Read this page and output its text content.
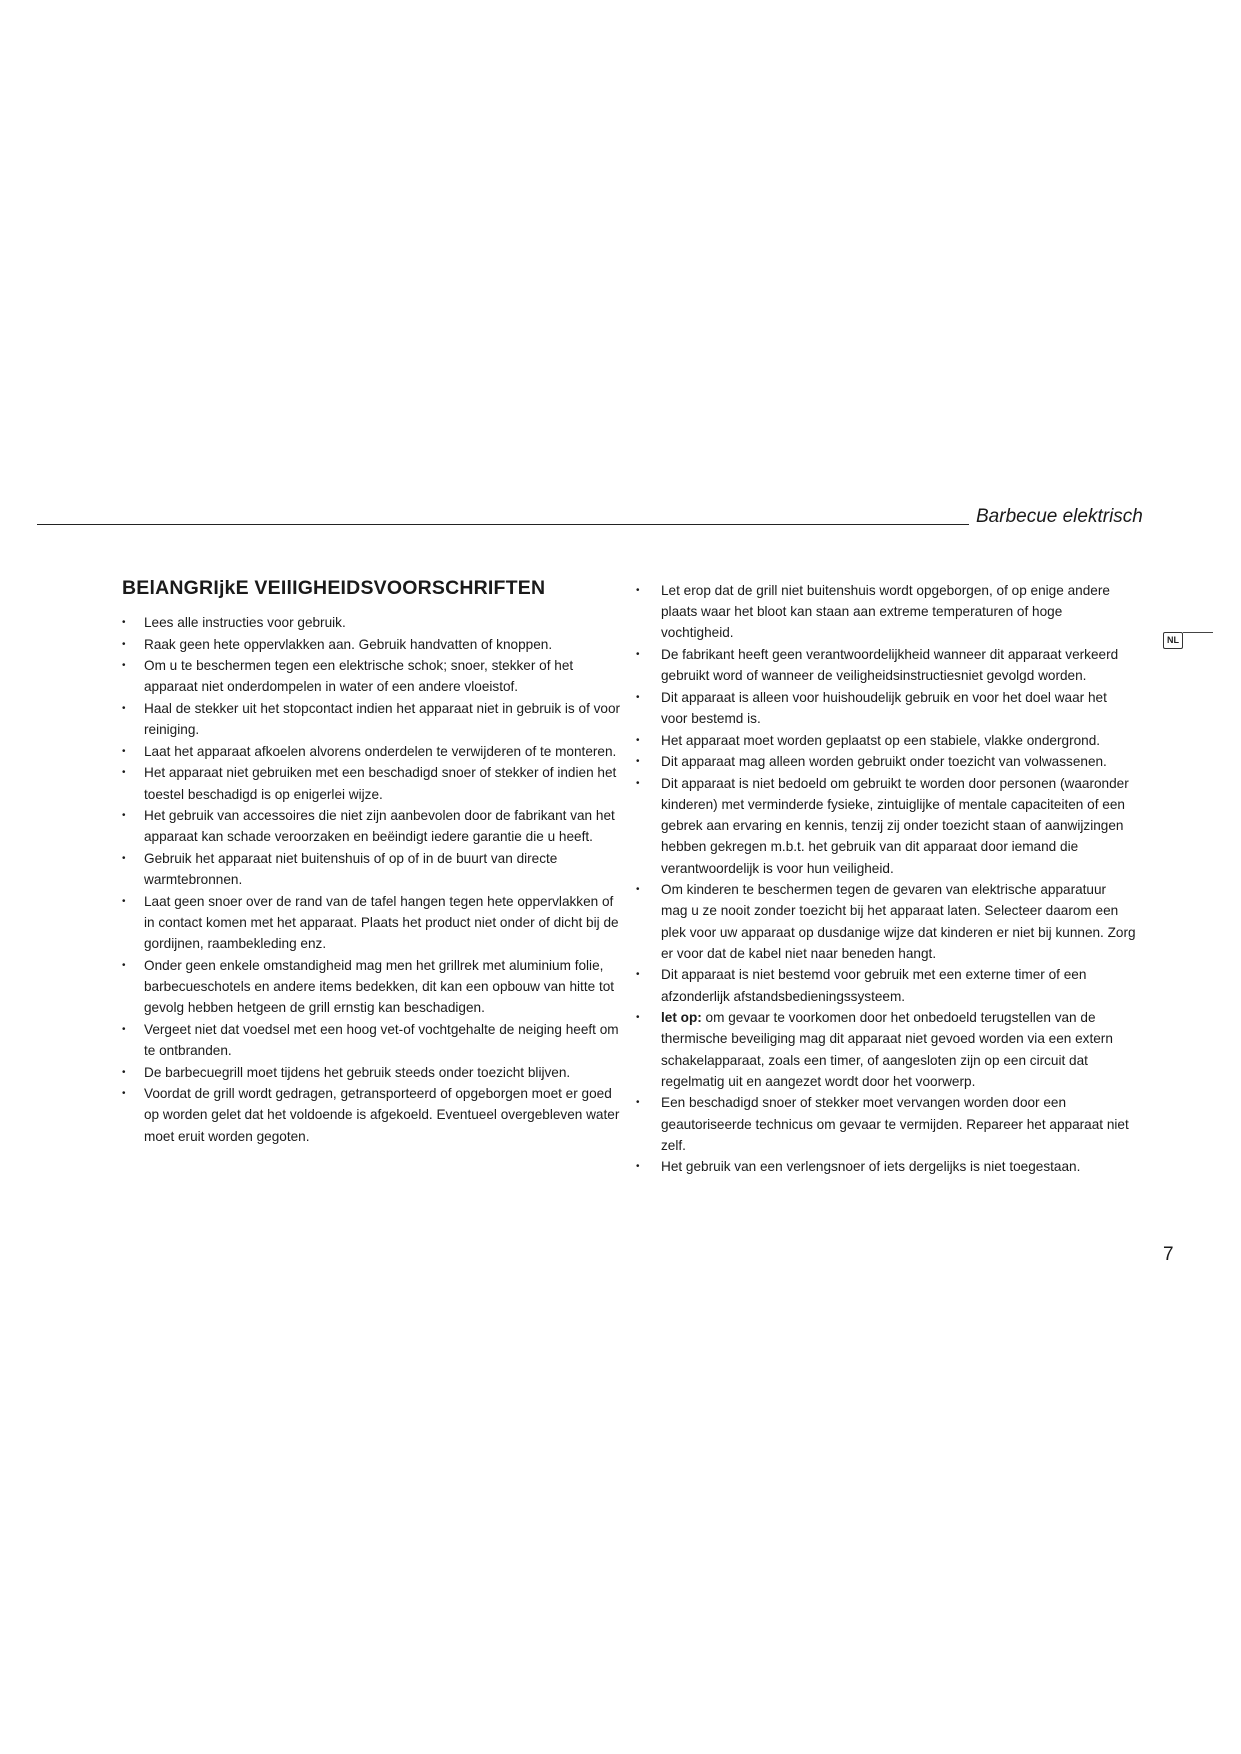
Barbecue elektrisch
NL
BElANGRIjkE VEIlIGHEIDSVOORSCHRIFTEN
• Lees alle instructies voor gebruik.
• Raak geen hete oppervlakken aan. Gebruik handvatten of knoppen.
• Om u te beschermen tegen een elektrische schok; snoer, stekker of het apparaat niet onderdompelen in water of een andere vloeistof.
• Haal de stekker uit het stopcontact indien het apparaat niet in gebruik is of voor reiniging.
• Laat het apparaat afkoelen alvorens onderdelen te verwijderen of te monteren.
• Het apparaat niet gebruiken met een beschadigd snoer of stekker of indien het toestel beschadigd is op enigerlei wijze.
• Het gebruik van accessoires die niet zijn aanbevolen door de fabrikant van het apparaat kan schade veroorzaken en beëindigt iedere garantie die u heeft.
• Gebruik het apparaat niet buitenshuis of op of in de buurt van directe warmtebronnen.
• Laat geen snoer over de rand van de tafel hangen tegen hete oppervlakken of in contact komen met het apparaat. Plaats het product niet onder of dicht bij de gordijnen, raambekleding enz.
• Onder geen enkele omstandigheid mag men het grillrek met aluminium folie, barbecueschotels en andere items bedekken, dit kan een opbouw van hitte tot gevolg hebben hetgeen de grill ernstig kan beschadigen.
• Vergeet niet dat voedsel met een hoog vet-of vochtgehalte de neiging heeft om te ontbranden.
• De barbecuegrill moet tijdens het gebruik steeds onder toezicht blijven.
• Voordat de grill wordt gedragen, getransporteerd of opgeborgen moet er goed op worden gelet dat het voldoende is afgekoeld. Eventueel overgebleven water moet eruit worden gegoten.
• Let erop dat de grill niet buitenshuis wordt opgeborgen, of op enige andere plaats waar het bloot kan staan aan extreme temperaturen of hoge vochtigheid.
• De fabrikant heeft geen verantwoordelijkheid wanneer dit apparaat verkeerd gebruikt word of wanneer de veiligheidsinstructiesniet gevolgd worden.
• Dit apparaat is alleen voor huishoudelijk gebruik en voor het doel waar het voor bestemd is.
• Het apparaat moet worden geplaatst op een stabiele, vlakke ondergrond.
• Dit apparaat mag alleen worden gebruikt onder toezicht van volwassenen.
• Dit apparaat is niet bedoeld om gebruikt te worden door personen (waaronder kinderen) met verminderde fysieke, zintuiglijke of mentale capaciteiten of een gebrek aan ervaring en kennis, tenzij zij onder toezicht staan of aanwijzingen hebben gekregen m.b.t. het gebruik van dit apparaat door iemand die verantwoordelijk is voor hun veiligheid.
• Om kinderen te beschermen tegen de gevaren van elektrische apparatuur mag u ze nooit zonder toezicht bij het apparaat laten. Selecteer daarom een plek voor uw apparaat op dusdanige wijze dat kinderen er niet bij kunnen. Zorg er voor dat de kabel niet naar beneden hangt.
• Dit apparaat is niet bestemd voor gebruik met een externe timer of een afzonderlijk afstandsbedieningssysteem.
• let op: om gevaar te voorkomen door het onbedoeld terugstellen van de thermische beveiliging mag dit apparaat niet gevoed worden via een extern schakelapparaat, zoals een timer, of aangesloten zijn op een circuit dat regelmatig uit en aangezet wordt door het voorwerp.
• Een beschadigd snoer of stekker moet vervangen worden door een geautoriseerde technicus om gevaar te vermijden. Repareer het apparaat niet zelf.
• Het gebruik van een verlengsnoer of iets dergelijks is niet toegestaan.
7
